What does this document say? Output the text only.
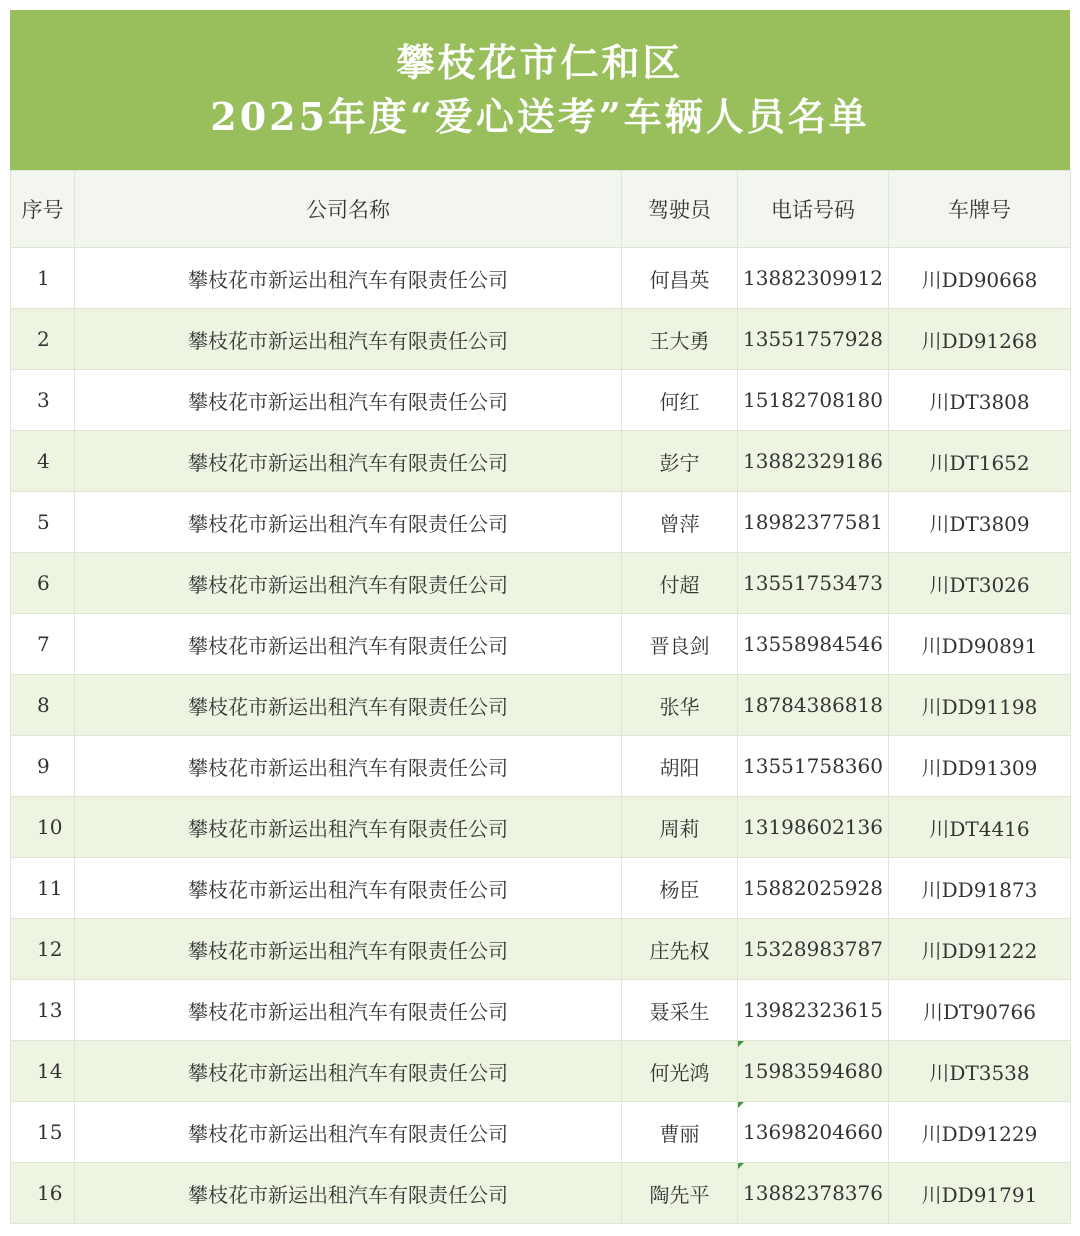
攀枝花市仁和区
2025年度“爱心送考”车辆人员名单
序号	公司名称	驾驶员	电话号码	车牌号
1	攀枝花市新运出租汽车有限责任公司	何昌英	13882309912	川DD90668
2	攀枝花市新运出租汽车有限责任公司	王大勇	13551757928	川DD91268
3	攀枝花市新运出租汽车有限责任公司	何红	15182708180	川DT3808
4	攀枝花市新运出租汽车有限责任公司	彭宁	13882329186	川DT1652
5	攀枝花市新运出租汽车有限责任公司	曾萍	18982377581	川DT3809
6	攀枝花市新运出租汽车有限责任公司	付超	13551753473	川DT3026
7	攀枝花市新运出租汽车有限责任公司	晋良剑	13558984546	川DD90891
8	攀枝花市新运出租汽车有限责任公司	张华	18784386818	川DD91198
9	攀枝花市新运出租汽车有限责任公司	胡阳	13551758360	川DD91309
10	攀枝花市新运出租汽车有限责任公司	周莉	13198602136	川DT4416
11	攀枝花市新运出租汽车有限责任公司	杨臣	15882025928	川DD91873
12	攀枝花市新运出租汽车有限责任公司	庄先权	15328983787	川DD91222
13	攀枝花市新运出租汽车有限责任公司	聂采生	13982323615	川DT90766
14	攀枝花市新运出租汽车有限责任公司	何光鸿	15983594680	川DT3538
15	攀枝花市新运出租汽车有限责任公司	曹丽	13698204660	川DD91229
16	攀枝花市新运出租汽车有限责任公司	陶先平	13882378376	川DD91791
